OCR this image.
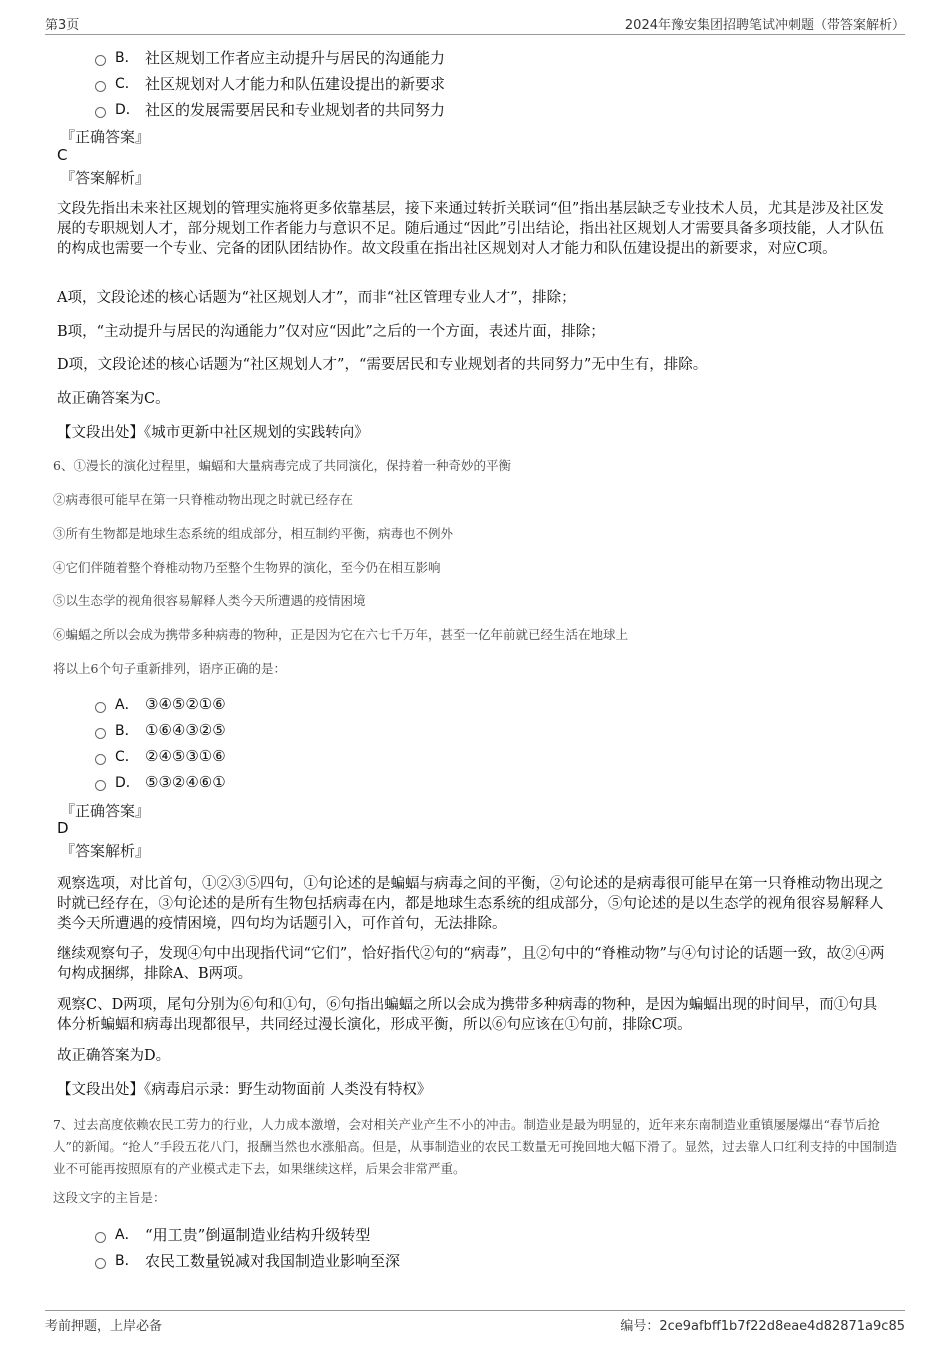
第3页	2024年豫安集团招聘笔试冲刺题（带答案解析）
B． 社区规划工作者应主动提升与居民的沟通能力
C． 社区规划对人才能力和队伍建设提出的新要求
D． 社区的发展需要居民和专业规划者的共同努力
『正确答案』
C
『答案解析』
文段先指出未来社区规划的管理实施将更多依靠基层，接下来通过转折关联词“但”指出基层缺乏专业技术人员，尤其是涉及社区发展的专职规划人才，部分规划工作者能力与意识不足。随后通过“因此”引出结论，指出社区规划人才需要具备多项技能，人才队伍的构成也需要一个专业、完备的团队团结协作。故文段重在指出社区规划对人才能力和队伍建设提出的新要求，对应C项。
A项，文段论述的核心话题为“社区规划人才”，而非“社区管理专业人才”，排除；
B项，“主动提升与居民的沟通能力”仅对应“因此”之后的一个方面，表述片面，排除；
D项，文段论述的核心话题为“社区规划人才”，“需要居民和专业规划者的共同努力”无中生有，排除。
故正确答案为C。
【文段出处】《城市更新中社区规划的实践转向》
6、①漫长的演化过程里，蝙蝠和大量病毒完成了共同演化，保持着一种奇妙的平衡
②病毒很可能早在第一只脊椎动物出现之时就已经存在
③所有生物都是地球生态系统的组成部分，相互制约平衡，病毒也不例外
④它们伴随着整个脊椎动物乃至整个生物界的演化，至今仍在相互影响
⑤以生态学的视角很容易解释人类今天所遭遇的疫情困境
⑥蝙蝠之所以会成为携带多种病毒的物种，正是因为它在六七千万年，甚至一亿年前就已经生活在地球上
将以上6个句子重新排列，语序正确的是：
A． ③④⑤②①⑥
B． ①⑥④③②⑤
C． ②④⑤③①⑥
D． ⑤③②④⑥①
『正确答案』
D
『答案解析』
观察选项，对比首句，①②③⑤四句，①句论述的是蝙蝠与病毒之间的平衡，②句论述的是病毒很可能早在第一只脊椎动物出现之时就已经存在，③句论述的是所有生物包括病毒在内，都是地球生态系统的组成部分，⑤句论述的是以生态学的视角很容易解释人类今天所遭遇的疫情困境，四句均为话题引入，可作首句，无法排除。
继续观察句子，发现④句中出现指代词“它们”，恰好指代②句的“病毒”，且②句中的“脊椎动物”与④句讨论的话题一致，故②④两句构成捆绑，排除A、B两项。
观察C、D两项，尾句分别为⑥句和①句，⑥句指出蝙蝠之所以会成为携带多种病毒的物种，是因为蝙蝠出现的时间早，而①句具体分析蝙蝠和病毒出现都很早，共同经过漫长演化，形成平衡，所以⑥句应该在①句前，排除C项。
故正确答案为D。
【文段出处】《病毒启示录：野生动物面前 人类没有特权》
7、过去高度依赖农民工劳力的行业，人力成本激增，会对相关产业产生不小的冲击。制造业是最为明显的，近年来东南制造业重镇屡屡爆出“春节后抢人”的新闻。“抢人”手段五花八门，报酬当然也水涨船高。但是，从事制造业的农民工数量无可挽回地大幅下滑了。显然，过去靠人口红利支持的中国制造业不可能再按照原有的产业模式走下去，如果继续这样，后果会非常严重。
这段文字的主旨是：
A． “用工贵”倒逼制造业结构升级转型
B． 农民工数量锐减对我国制造业影响至深
考前押题，上岸必备	编号：2ce9afbff1b7f22d8eae4d82871a9c85
